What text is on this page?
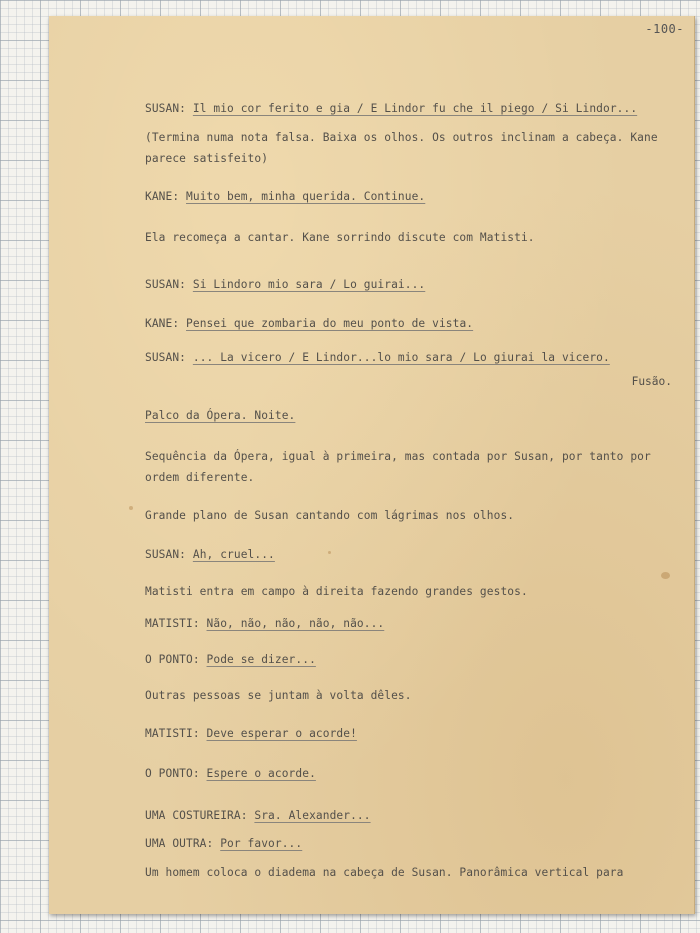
-100-
SUSAN: Il mio cor ferito e gia / E Lindor fu che il piego / Si Lindor...
(Termina numa nota falsa. Baixa os olhos. Os outros inclinam a cabeça. Kane parece satisfeito)
KANE: Muito bem, minha querida. Continue.
Ela recomeça a cantar. Kane sorrindo discute com Matisti.
SUSAN: Si Lindoro mio sara / Lo guirai...
KANE: Pensei que zombaria do meu ponto de vista.
SUSAN: ... La vicero / E Lindor...lo mio sara / Lo giurai la vicero.
Fusão.
Palco da Ópera. Noite.
Sequência da Ópera, igual à primeira, mas contada por Susan, por tanto por ordem diferente.
Grande plano de Susan cantando com lágrimas nos olhos.
SUSAN: Ah, cruel...
Matisti entra em campo à direita fazendo grandes gestos.
MATISTI: Não, não, não, não, não...
O PONTO: Pode se dizer...
Outras pessoas se juntam à volta dêles.
MATISTI: Deve esperar o acorde!
O PONTO: Espere o acorde.
UMA COSTUREIRA: Sra. Alexander...
UMA OUTRA: Por favor...
Um homem coloca o diadema na cabeça de Susan. Panorâmica vertical para
